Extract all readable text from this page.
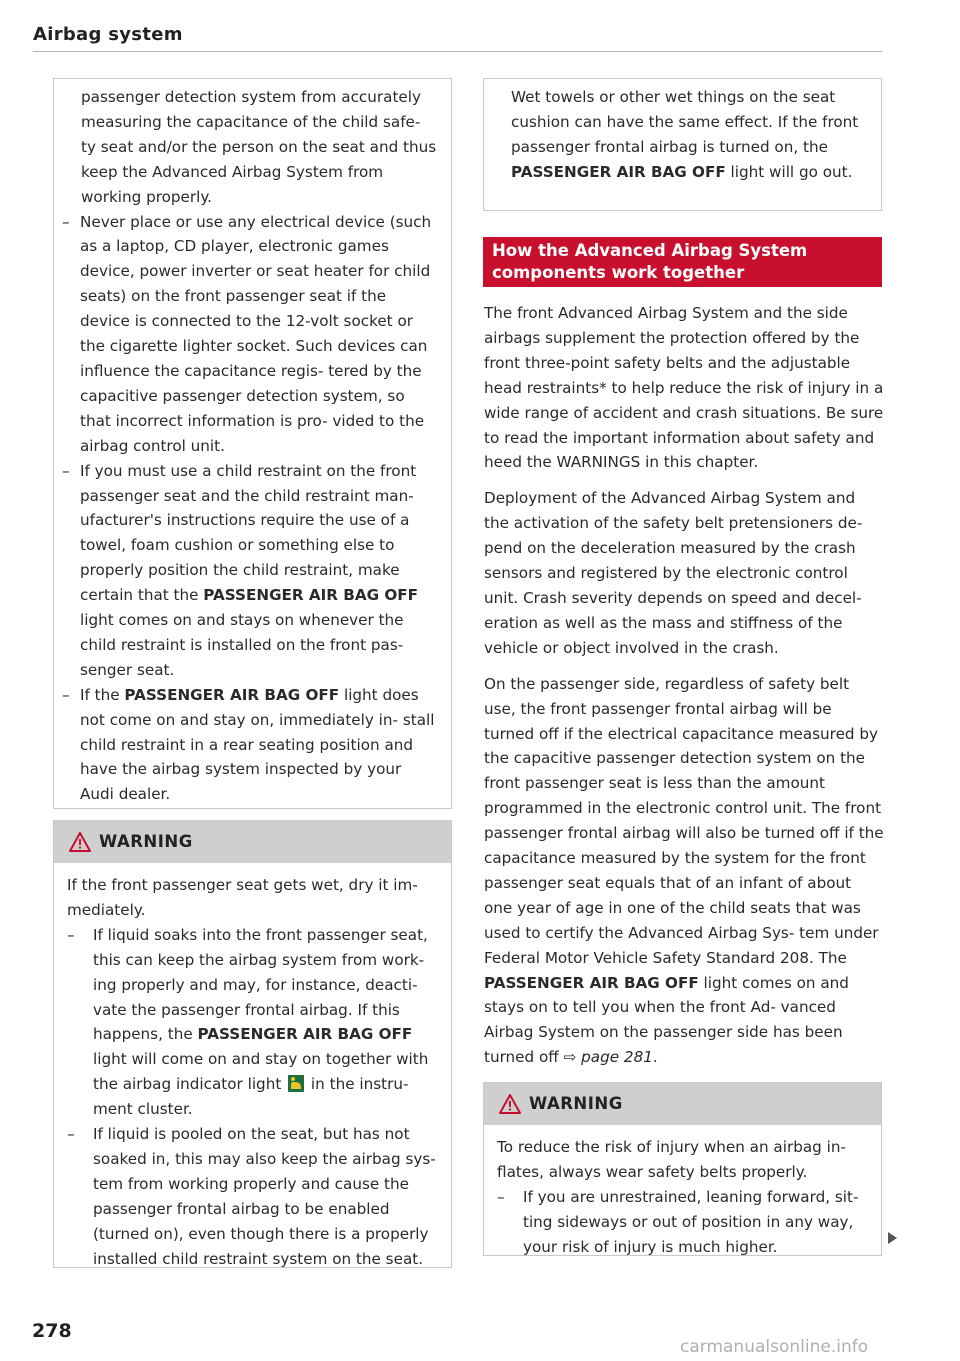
Airbag system

passenger detection system from accurately measuring the capacitance of the child safe- ty seat and/or the person on the seat and thus keep the Advanced Airbag System from working properly.

– Never place or use any electrical device (such as a laptop, CD player, electronic games device, power inverter or seat heater for child seats) on the front passenger seat if the device is connected to the 12-volt socket or the cigarette lighter socket. Such devices can influence the capacitance regis- tered by the capacitive passenger detection system, so that incorrect information is pro- vided to the airbag control unit.
– If you must use a child restraint on the front passenger seat and the child restraint man- ufacturer's instructions require the use of a towel, foam cushion or something else to properly position the child restraint, make certain that the PASSENGER AIR BAG OFF light comes on and stays on whenever the child restraint is installed on the front pas- senger seat.
– If the PASSENGER AIR BAG OFF light does not come on and stay on, immediately in- stall child restraint in a rear seating position and have the airbag system inspected by your Audi dealer.
WARNING

If the front passenger seat gets wet, dry it im- mediately.

– If liquid soaks into the front passenger seat, this can keep the airbag system from work- ing properly and may, for instance, deacti- vate the passenger frontal airbag. If this happens, the PASSENGER AIR BAG OFF light will come on and stay on together with the airbag indicator light  in the instru- ment cluster.
– If liquid is pooled on the seat, but has not soaked in, this may also keep the airbag sys- tem from working properly and cause the passenger frontal airbag to be enabled (turned on), even though there is a properly installed child restraint system on the seat.

Wet towels or other wet things on the seat cushion can have the same effect. If the front passenger frontal airbag is turned on, the PASSENGER AIR BAG OFF light will go out.

How the Advanced Airbag System components work together

The front Advanced Airbag System and the side airbags supplement the protection offered by the front three-point safety belts and the adjustable head restraints* to help reduce the risk of injury in a wide range of accident and crash situations. Be sure to read the important information about safety and heed the WARNINGS in this chapter.

Deployment of the Advanced Airbag System and the activation of the safety belt pretensioners de- pend on the deceleration measured by the crash sensors and registered by the electronic control unit. Crash severity depends on speed and decel- eration as well as the mass and stiffness of the vehicle or object involved in the crash.

On the passenger side, regardless of safety belt use, the front passenger frontal airbag will be turned off if the electrical capacitance measured by the capacitive passenger detection system on the front passenger seat is less than the amount programmed in the electronic control unit. The front passenger frontal airbag will also be turned off if the capacitance measured by the system for the front passenger seat equals that of an infant of about one year of age in one of the child seats that was used to certify the Advanced Airbag Sys- tem under Federal Motor Vehicle Safety Standard 208. The PASSENGER AIR BAG OFF light comes on and stays on to tell you when the front Ad- vanced Airbag System on the passenger side has been turned off ⇨ page 281.

WARNING

To reduce the risk of injury when an airbag in- flates, always wear safety belts properly.

– If you are unrestrained, leaning forward, sit- ting sideways or out of position in any way, your risk of injury is much higher.
278
carmanualsonline.info
